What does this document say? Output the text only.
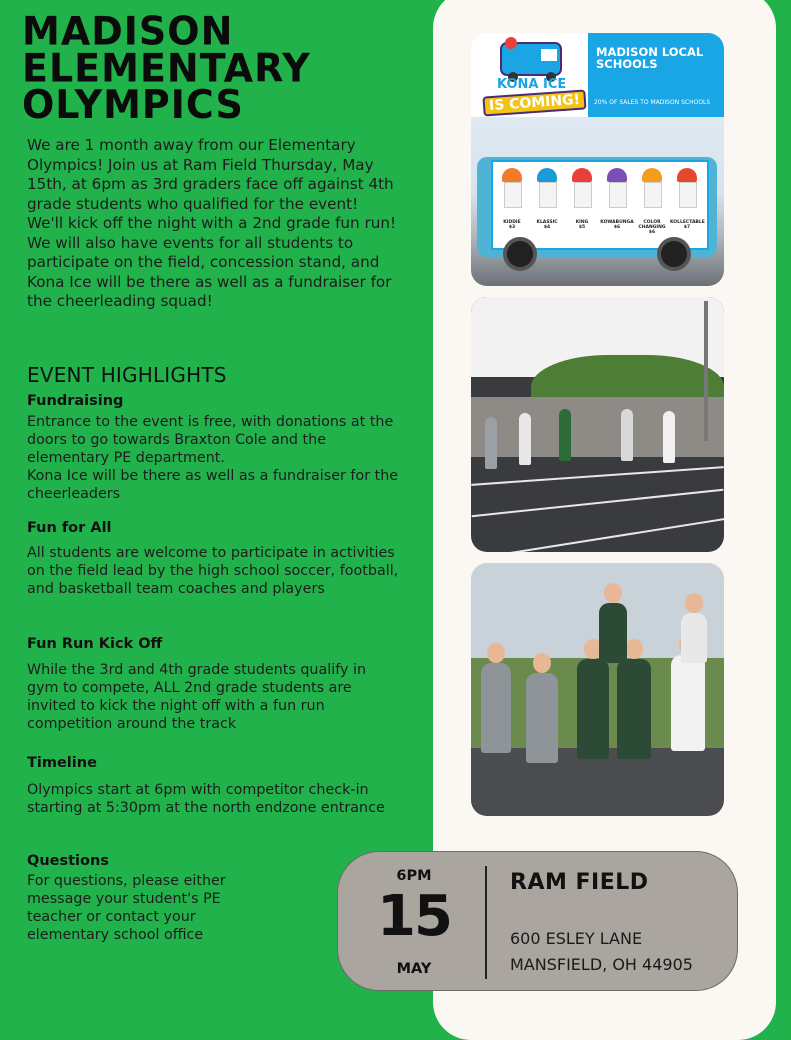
MADISON
ELEMENTARY
OLYMPICS

We are 1 month away from our Elementary Olympics! Join us at Ram Field Thursday, May 15th, at 6pm as 3rd graders face off against 4th grade students who qualified for the event! We'll kick off the night with a 2nd grade fun run! We will also have events for all students to participate on the field, concession stand, and Kona Ice will be there as well as a fundraiser for the cheerleading squad!

EVENT HIGHLIGHTS
Fundraising

Entrance to the event is free, with donations at the doors to go towards Braxton Cole and the elementary PE department.
Kona Ice will be there as well as a fundraiser for the cheerleaders

Fun for All

All students are welcome to participate in activities on the field lead by the high school soccer, football, and basketball team coaches and players

Fun Run Kick Off

While the 3rd and 4th grade students qualify in gym to compete, ALL 2nd grade students are invited to kick the night off with a fun run competition around the track

Timeline

Olympics start at 6pm with competitor check-in starting at 5:30pm at the north endzone entrance

Questions

For questions, please either message your student's PE teacher or contact your elementary school office

KONA ICE
IS COMING!
MADISON LOCAL SCHOOLS
20% OF SALES TO MADISON SCHOOLS
KIDDIE
$3
KLASSIC
$4
KING
$5
KOWABUNGA
$6
COLOR CHANGING
$6
KOLLECTABLE
$7
6PM
15
MAY
RAM FIELD
600 ESLEY LANE
MANSFIELD, OH 44905
